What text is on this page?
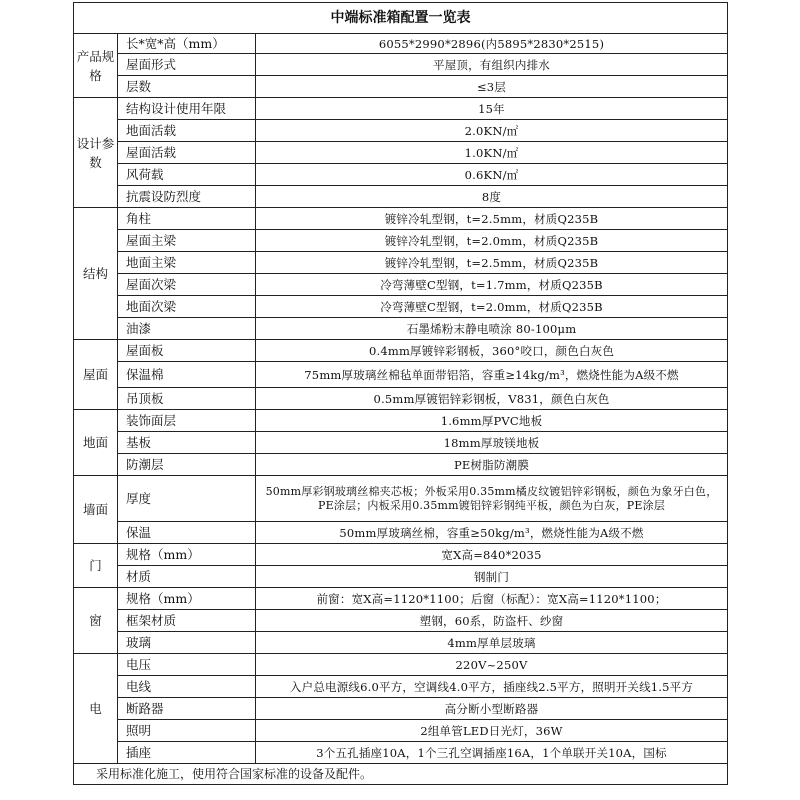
中端标准箱配置一览表		
产品规格	长*宽*高（mm）	6055*2990*2896(内5895*2830*2515)
	屋面形式	平屋顶，有组织内排水
	层数	≤3层
设计参数	结构设计使用年限	15年
	地面活载	2.0KN/㎡
	屋面活载	1.0KN/㎡
	风荷载	0.6KN/㎡
	抗震设防烈度	8度
结构	角柱	镀锌冷轧型钢，t=2.5mm，材质Q235B
	屋面主梁	镀锌冷轧型钢，t=2.0mm，材质Q235B
	地面主梁	镀锌冷轧型钢，t=2.5mm，材质Q235B
	屋面次梁	冷弯薄壁C型钢，t=1.7mm，材质Q235B
	地面次梁	冷弯薄壁C型钢，t=2.0mm，材质Q235B
	油漆	石墨烯粉末静电喷涂 80-100μm
屋面	屋面板	0.4mm厚镀锌彩钢板，360°咬口，颜色白灰色
	保温棉	75mm厚玻璃丝棉毡单面带铝箔，容重≥14kg/m³，燃烧性能为A级不燃
	吊顶板	0.5mm厚镀铝锌彩钢板，V831，颜色白灰色
地面	装饰面层	1.6mm厚PVC地板
	基板	18mm厚玻镁地板
	防潮层	PE树脂防潮膜
墙面	厚度	50mm厚彩钢玻璃丝棉夹芯板；外板采用0.35mm橘皮纹镀铝锌彩钢板，颜色为象牙白色，PE涂层；内板采用0.35mm镀铝锌彩钢纯平板，颜色为白灰，PE涂层
	保温	50mm厚玻璃丝棉，容重≥50kg/m³，燃烧性能为A级不燃
门	规格（mm）	宽X高=840*2035
	材质	钢制门
窗	规格（mm）	前窗：宽X高=1120*1100；后窗（标配）：宽X高=1120*1100；
	框架材质	塑钢，60系，防盗杆、纱窗
	玻璃	4mm厚单层玻璃
电	电压	220V~250V
	电线	入户总电源线6.0平方，空调线4.0平方，插座线2.5平方，照明开关线1.5平方
	断路器	高分断小型断路器
	照明	2组单管LED日光灯，36W
	插座	3个五孔插座10A，1个三孔空调插座16A，1个单联开关10A，国标
采用标准化施工，使用符合国家标准的设备及配件。		
